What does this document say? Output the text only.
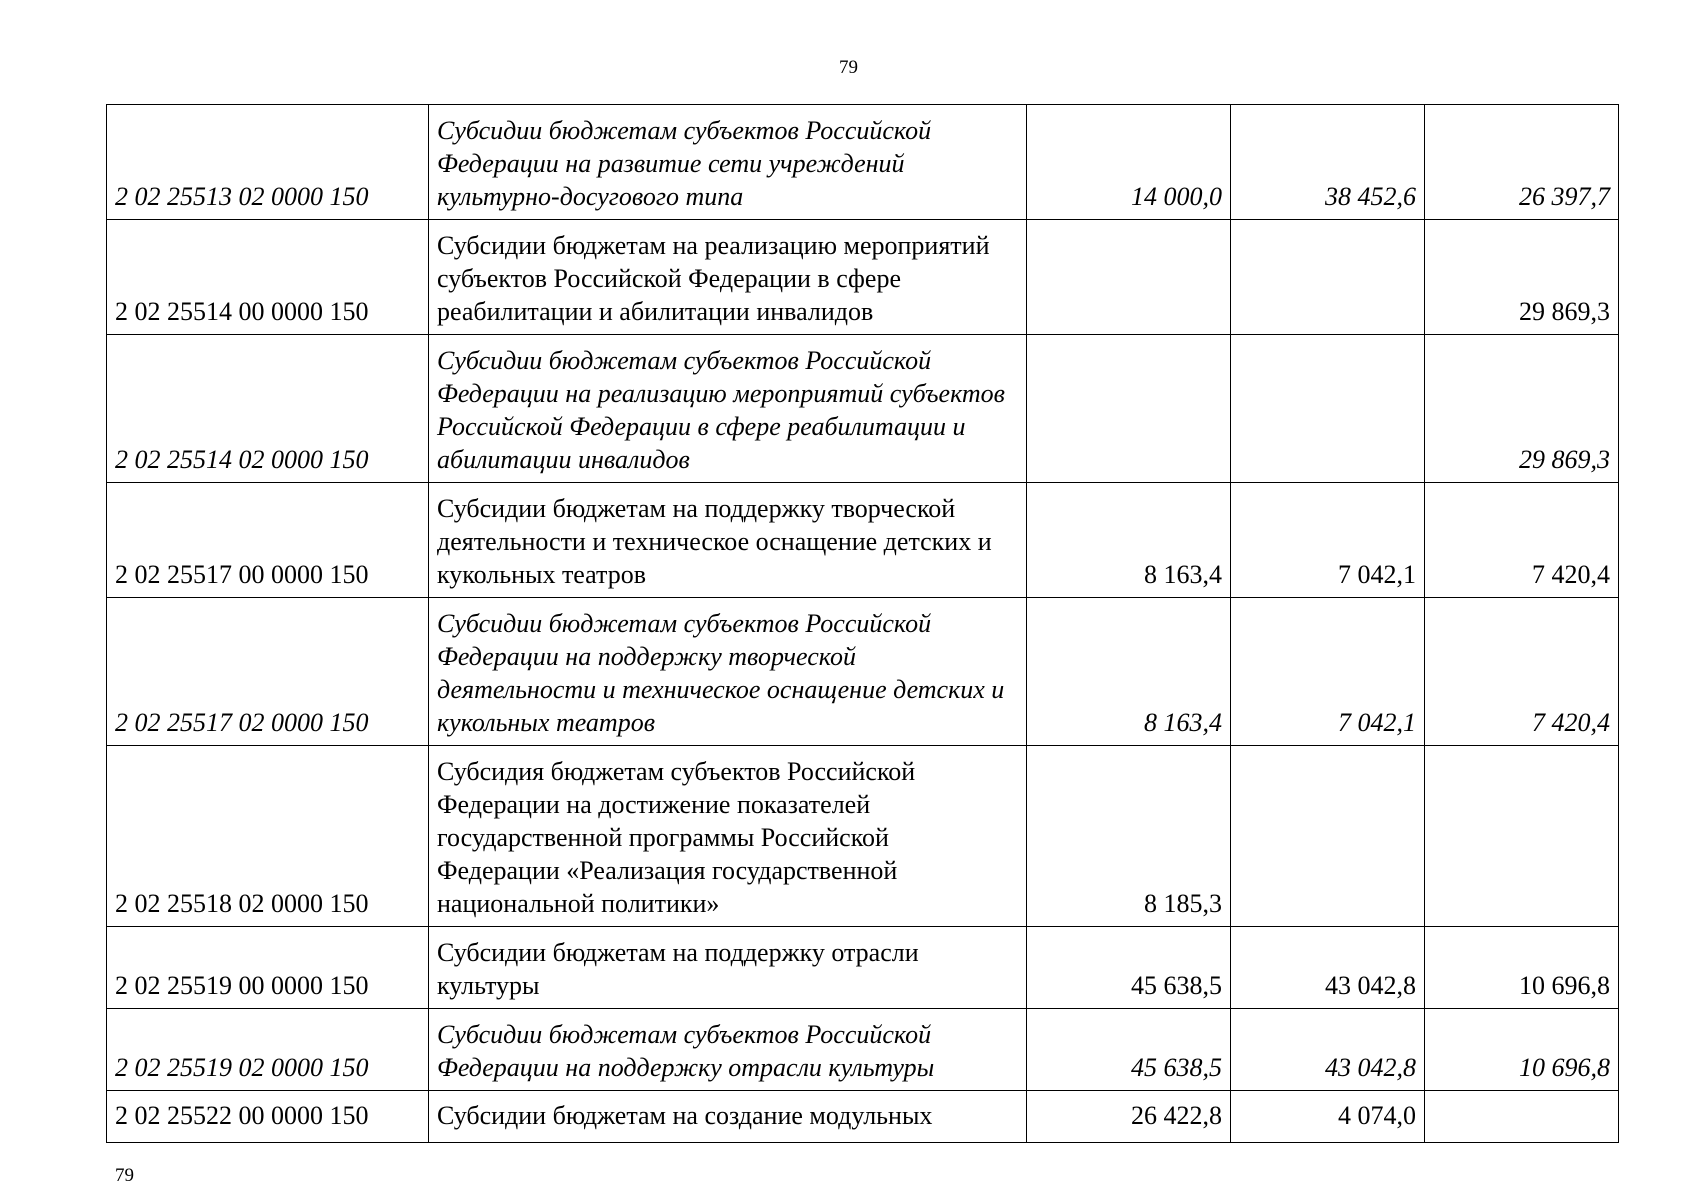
79
2 02 25513 02 0000 150	Субсидии бюджетам субъектов Российской Федерации на развитие сети учреждений культурно-досугового типа	14 000,0	38 452,6	26 397,7
2 02 25514 00 0000 150	Субсидии бюджетам на реализацию мероприятий субъектов Российской Федерации в сфере реабилитации и абилитации инвалидов			29 869,3
2 02 25514 02 0000 150	Субсидии бюджетам субъектов Российской Федерации на реализацию мероприятий субъектов Российской Федерации в сфере реабилитации и абилитации инвалидов			29 869,3
2 02 25517 00 0000 150	Субсидии бюджетам на поддержку творческой деятельности и техническое оснащение детских и кукольных театров	8 163,4	7 042,1	7 420,4
2 02 25517 02 0000 150	Субсидии бюджетам субъектов Российской Федерации на поддержку творческой деятельности и техническое оснащение детских и кукольных театров	8 163,4	7 042,1	7 420,4
2 02 25518 02 0000 150	Субсидия бюджетам субъектов Российской Федерации на достижение показателей государственной программы Российской Федерации «Реализация государственной национальной политики»	8 185,3		
2 02 25519 00 0000 150	Субсидии бюджетам на поддержку отрасли культуры	45 638,5	43 042,8	10 696,8
2 02 25519 02 0000 150	Субсидии бюджетам субъектов Российской Федерации на поддержку отрасли культуры	45 638,5	43 042,8	10 696,8
2 02 25522 00 0000 150	Субсидии бюджетам на создание модульных	26 422,8	4 074,0	
79
